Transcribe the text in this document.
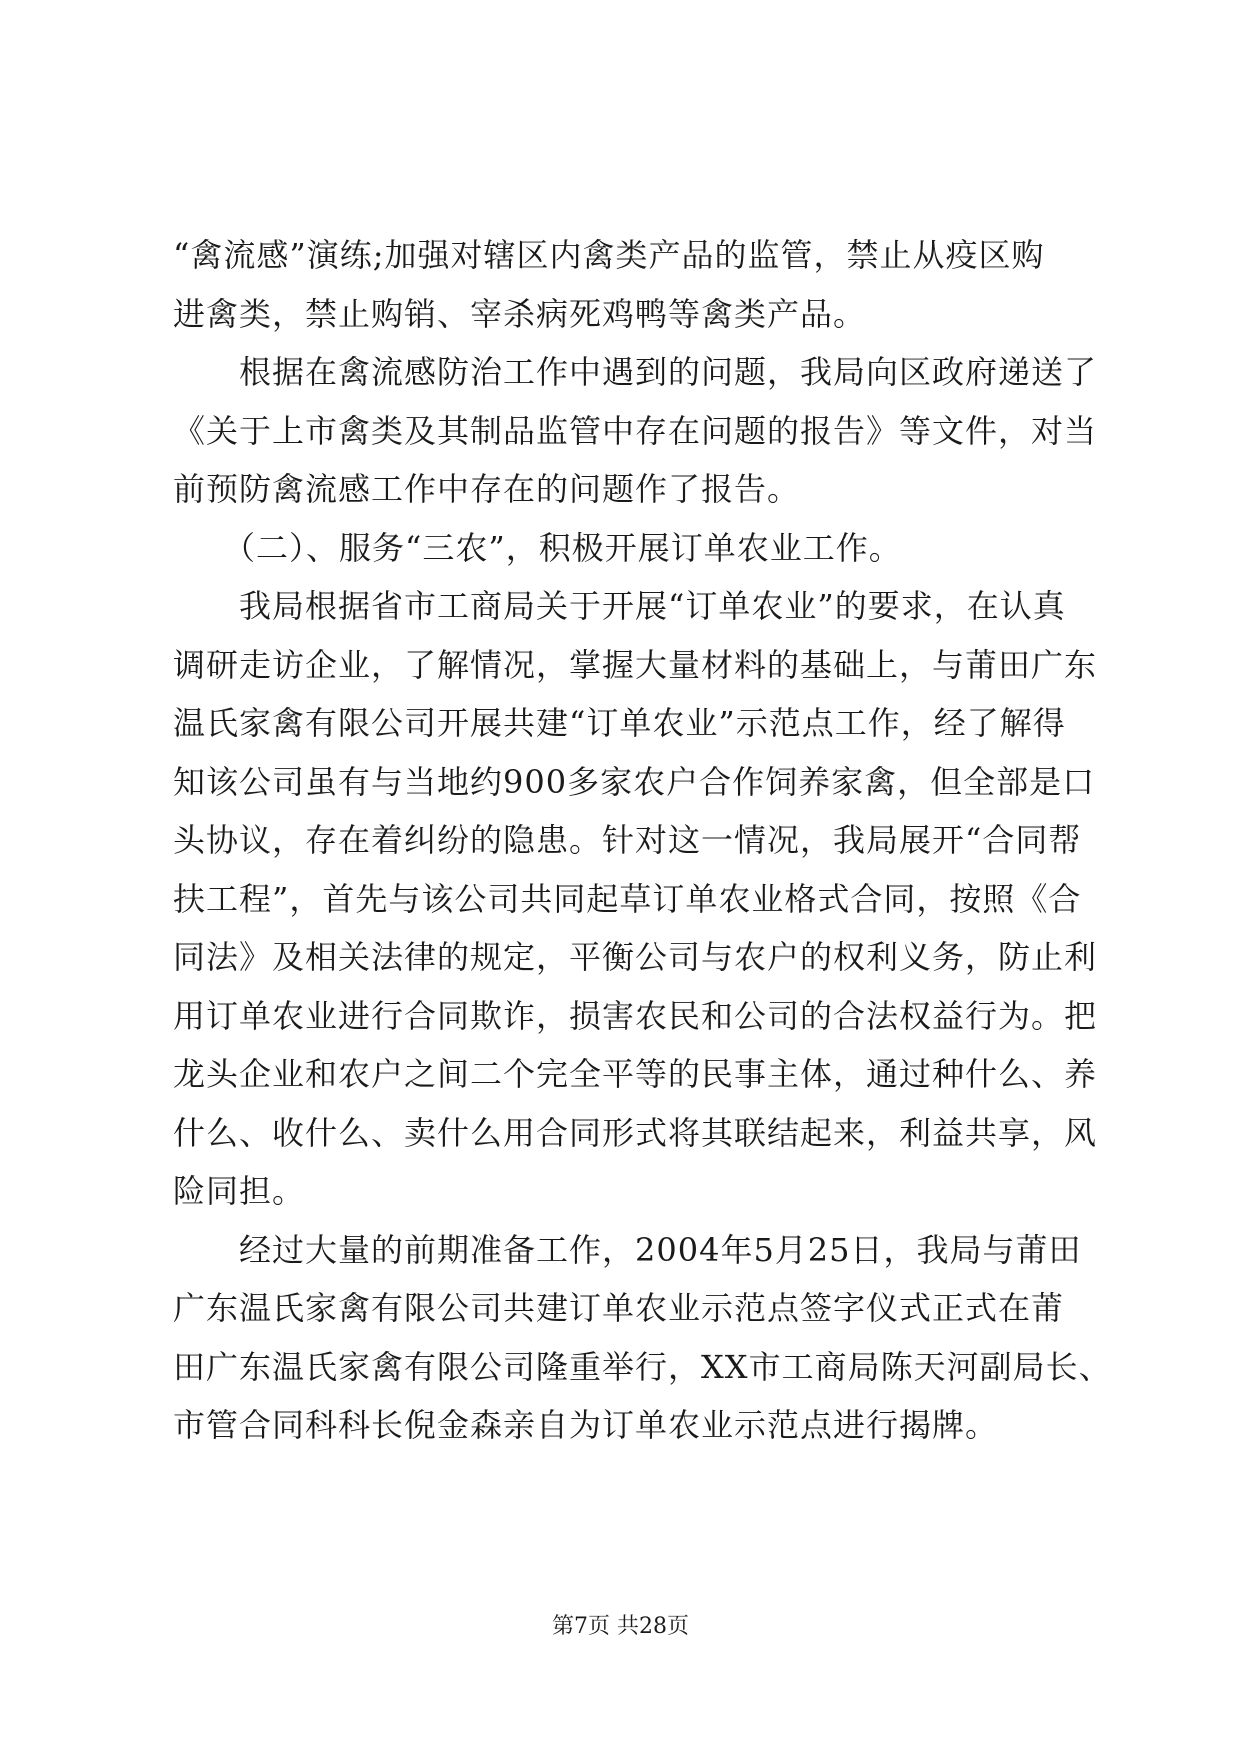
“禽流感”演练;加强对辖区内禽类产品的监管，禁止从疫区购
进禽类，禁止购销、宰杀病死鸡鸭等禽类产品。
　　根据在禽流感防治工作中遇到的问题，我局向区政府递送了
《关于上市禽类及其制品监管中存在问题的报告》等文件，对当
前预防禽流感工作中存在的问题作了报告。
　　（二）、服务“三农”，积极开展订单农业工作。
　　我局根据省市工商局关于开展“订单农业”的要求，在认真
调研走访企业，了解情况，掌握大量材料的基础上，与莆田广东
温氏家禽有限公司开展共建“订单农业”示范点工作，经了解得
知该公司虽有与当地约900多家农户合作饲养家禽，但全部是口
头协议，存在着纠纷的隐患。针对这一情况，我局展开“合同帮
扶工程”，首先与该公司共同起草订单农业格式合同，按照《合
同法》及相关法律的规定，平衡公司与农户的权利义务，防止利
用订单农业进行合同欺诈，损害农民和公司的合法权益行为。把
龙头企业和农户之间二个完全平等的民事主体，通过种什么、养
什么、收什么、卖什么用合同形式将其联结起来，利益共享，风
险同担。
　　经过大量的前期准备工作，2004年5月25日，我局与莆田
广东温氏家禽有限公司共建订单农业示范点签字仪式正式在莆
田广东温氏家禽有限公司隆重举行，XX市工商局陈天河副局长、
市管合同科科长倪金森亲自为订单农业示范点进行揭牌。
第7页 共28页
